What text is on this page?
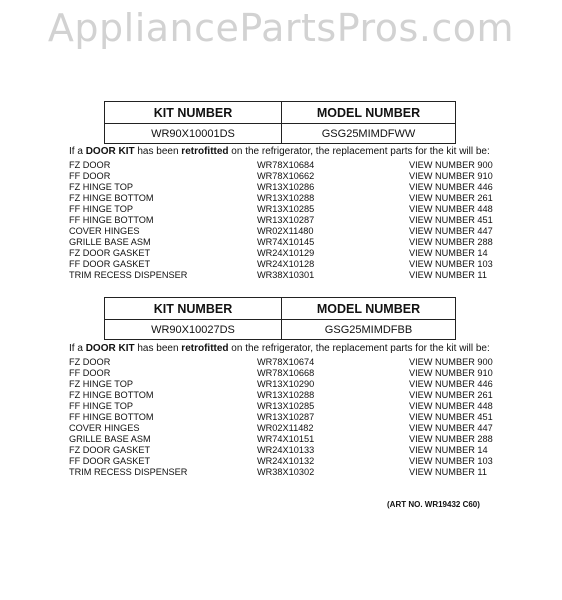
AppliancePartsPros.com
KIT NUMBER	MODEL NUMBER
WR90X10001DS	GSG25MIMDFWW
If a DOOR KIT has been retrofitted on the refrigerator, the replacement parts for the kit will be:
FZ DOOR	WR78X10684	VIEW NUMBER 900
FF DOOR	WR78X10662	VIEW NUMBER 910
FZ HINGE TOP	WR13X10286	VIEW NUMBER 446
FZ HINGE BOTTOM	WR13X10288	VIEW NUMBER 261
FF HINGE TOP	WR13X10285	VIEW NUMBER 448
FF HINGE BOTTOM	WR13X10287	VIEW NUMBER 451
COVER HINGES	WR02X11480	VIEW NUMBER 447
GRILLE BASE ASM	WR74X10145	VIEW NUMBER 288
FZ DOOR GASKET	WR24X10129	VIEW NUMBER 14
FF DOOR GASKET	WR24X10128	VIEW NUMBER 103
TRIM RECESS DISPENSER	WR38X10301	VIEW NUMBER 11
KIT NUMBER	MODEL NUMBER
WR90X10027DS	GSG25MIMDFBB
If a DOOR KIT has been retrofitted on the refrigerator, the replacement parts for the kit will be:
FZ DOOR	WR78X10674	VIEW NUMBER 900
FF DOOR	WR78X10668	VIEW NUMBER 910
FZ HINGE TOP	WR13X10290	VIEW NUMBER 446
FZ HINGE BOTTOM	WR13X10288	VIEW NUMBER 261
FF HINGE TOP	WR13X10285	VIEW NUMBER 448
FF HINGE BOTTOM	WR13X10287	VIEW NUMBER 451
COVER HINGES	WR02X11482	VIEW NUMBER 447
GRILLE BASE ASM	WR74X10151	VIEW NUMBER 288
FZ DOOR GASKET	WR24X10133	VIEW NUMBER 14
FF DOOR GASKET	WR24X10132	VIEW NUMBER 103
TRIM RECESS DISPENSER	WR38X10302	VIEW NUMBER 11
(ART NO. WR19432 C60)
